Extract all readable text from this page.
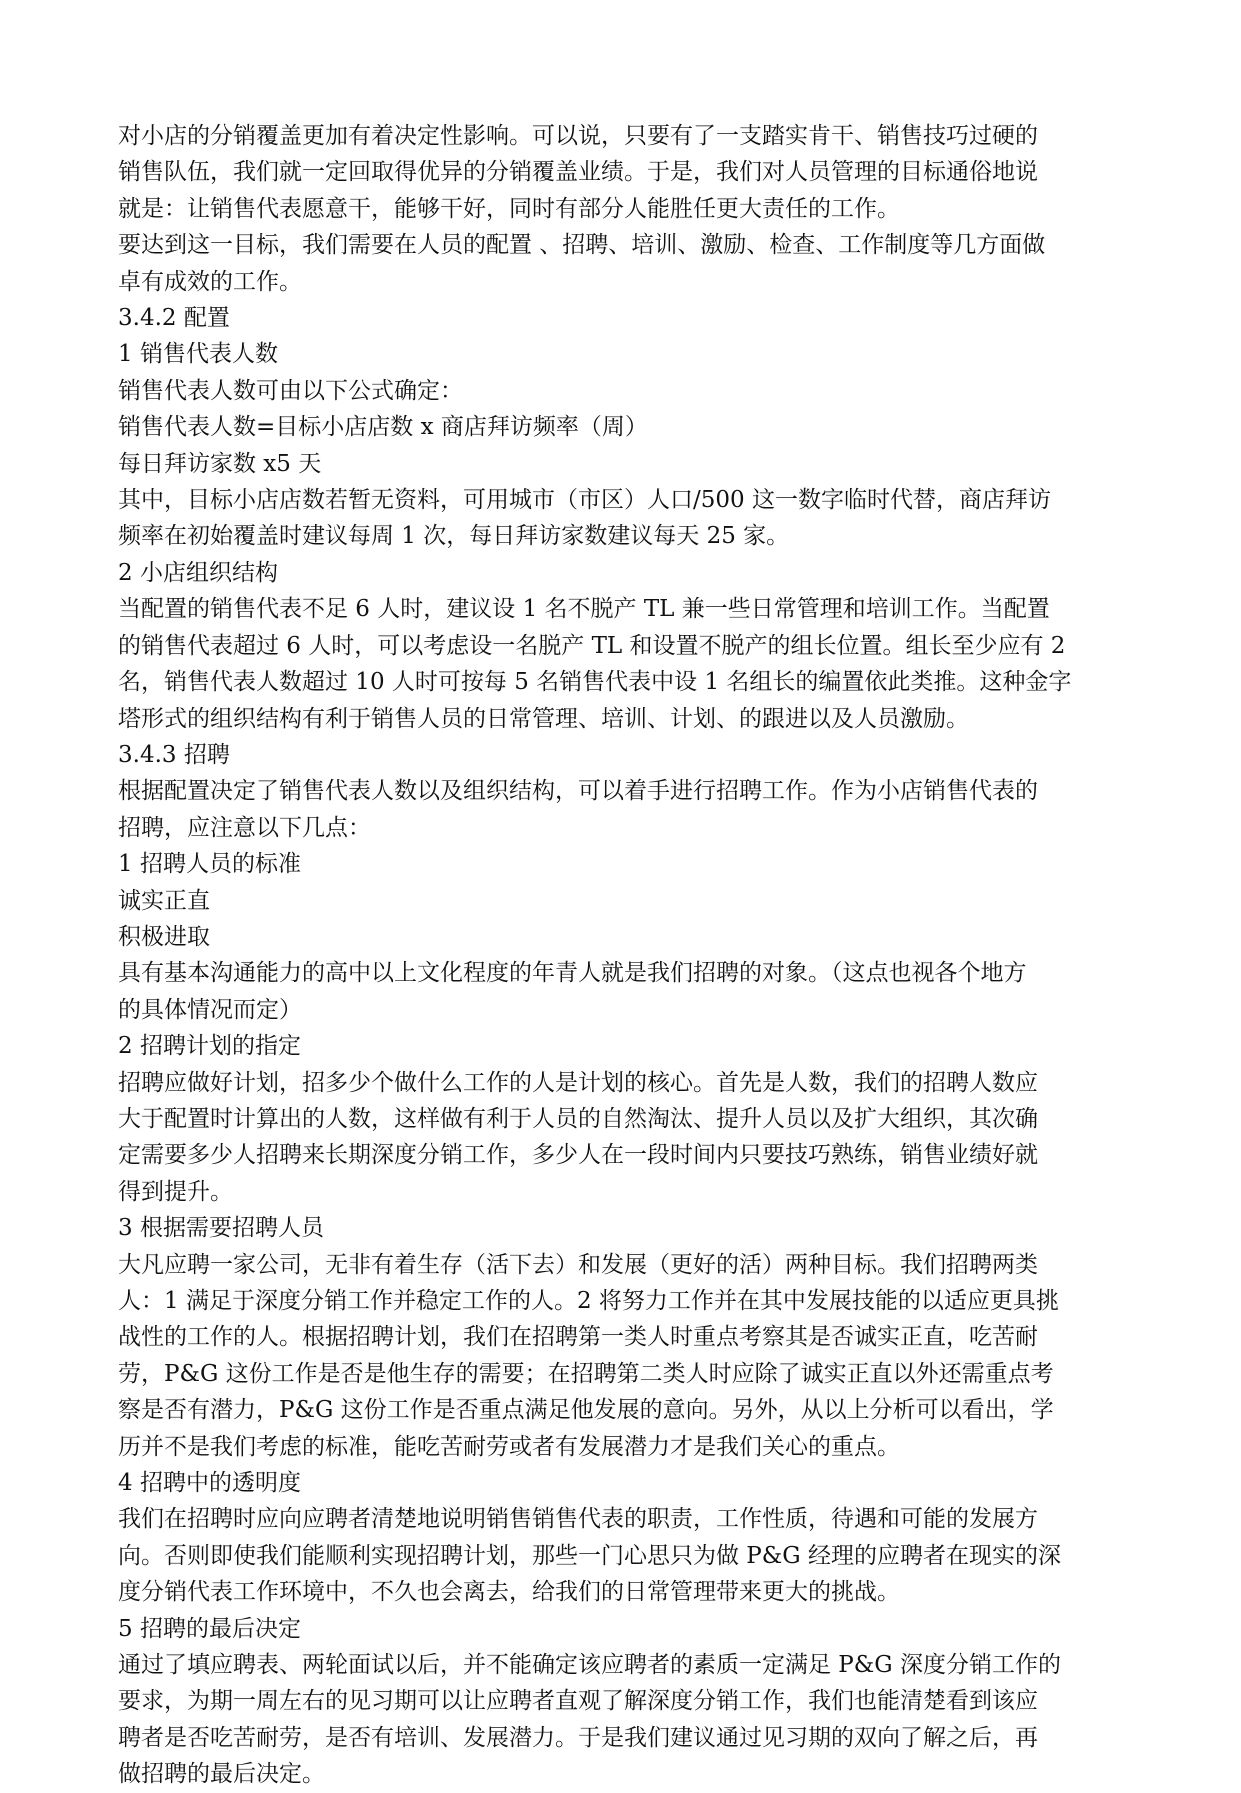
对小店的分销覆盖更加有着决定性影响。可以说，只要有了一支踏实肯干、销售技巧过硬的

销售队伍，我们就一定回取得优异的分销覆盖业绩。于是，我们对人员管理的目标通俗地说

就是：让销售代表愿意干，能够干好，同时有部分人能胜任更大责任的工作。

要达到这一目标，我们需要在人员的配置 、招聘、培训、激励、检查、工作制度等几方面做

卓有成效的工作。

3.4.2 配置

1 销售代表人数

销售代表人数可由以下公式确定：

销售代表人数=目标小店店数 x 商店拜访频率（周）

每日拜访家数 x5 天

其中，目标小店店数若暂无资料，可用城市（市区）人口/500 这一数字临时代替，商店拜访

频率在初始覆盖时建议每周 1 次，每日拜访家数建议每天 25 家。

2 小店组织结构

当配置的销售代表不足 6 人时，建议设 1 名不脱产 TL 兼一些日常管理和培训工作。当配置

的销售代表超过 6 人时，可以考虑设一名脱产 TL 和设置不脱产的组长位置。组长至少应有 2

名，销售代表人数超过 10 人时可按每 5 名销售代表中设 1 名组长的编置依此类推。这种金字

塔形式的组织结构有利于销售人员的日常管理、培训、计划、的跟进以及人员激励。

3.4.3 招聘

根据配置决定了销售代表人数以及组织结构，可以着手进行招聘工作。作为小店销售代表的

招聘，应注意以下几点：

1 招聘人员的标准

诚实正直

积极进取

具有基本沟通能力的高中以上文化程度的年青人就是我们招聘的对象。（这点也视各个地方

的具体情况而定）

2 招聘计划的指定

招聘应做好计划，招多少个做什么工作的人是计划的核心。首先是人数，我们的招聘人数应

大于配置时计算出的人数，这样做有利于人员的自然淘汰、提升人员以及扩大组织，其次确

定需要多少人招聘来长期深度分销工作，多少人在一段时间内只要技巧熟练，销售业绩好就

得到提升。

3 根据需要招聘人员

大凡应聘一家公司，无非有着生存（活下去）和发展（更好的活）两种目标。我们招聘两类

人：1 满足于深度分销工作并稳定工作的人。2 将努力工作并在其中发展技能的以适应更具挑

战性的工作的人。根据招聘计划，我们在招聘第一类人时重点考察其是否诚实正直，吃苦耐

劳，P&G 这份工作是否是他生存的需要；在招聘第二类人时应除了诚实正直以外还需重点考

察是否有潜力，P&G 这份工作是否重点满足他发展的意向。另外，从以上分析可以看出，学

历并不是我们考虑的标准，能吃苦耐劳或者有发展潜力才是我们关心的重点。

4 招聘中的透明度

我们在招聘时应向应聘者清楚地说明销售销售代表的职责，工作性质，待遇和可能的发展方

向。否则即使我们能顺利实现招聘计划，那些一门心思只为做 P&G 经理的应聘者在现实的深

度分销代表工作环境中，不久也会离去，给我们的日常管理带来更大的挑战。

5 招聘的最后决定

通过了填应聘表、两轮面试以后，并不能确定该应聘者的素质一定满足 P&G 深度分销工作的

要求，为期一周左右的见习期可以让应聘者直观了解深度分销工作，我们也能清楚看到该应

聘者是否吃苦耐劳，是否有培训、发展潜力。于是我们建议通过见习期的双向了解之后，再

做招聘的最后决定。
